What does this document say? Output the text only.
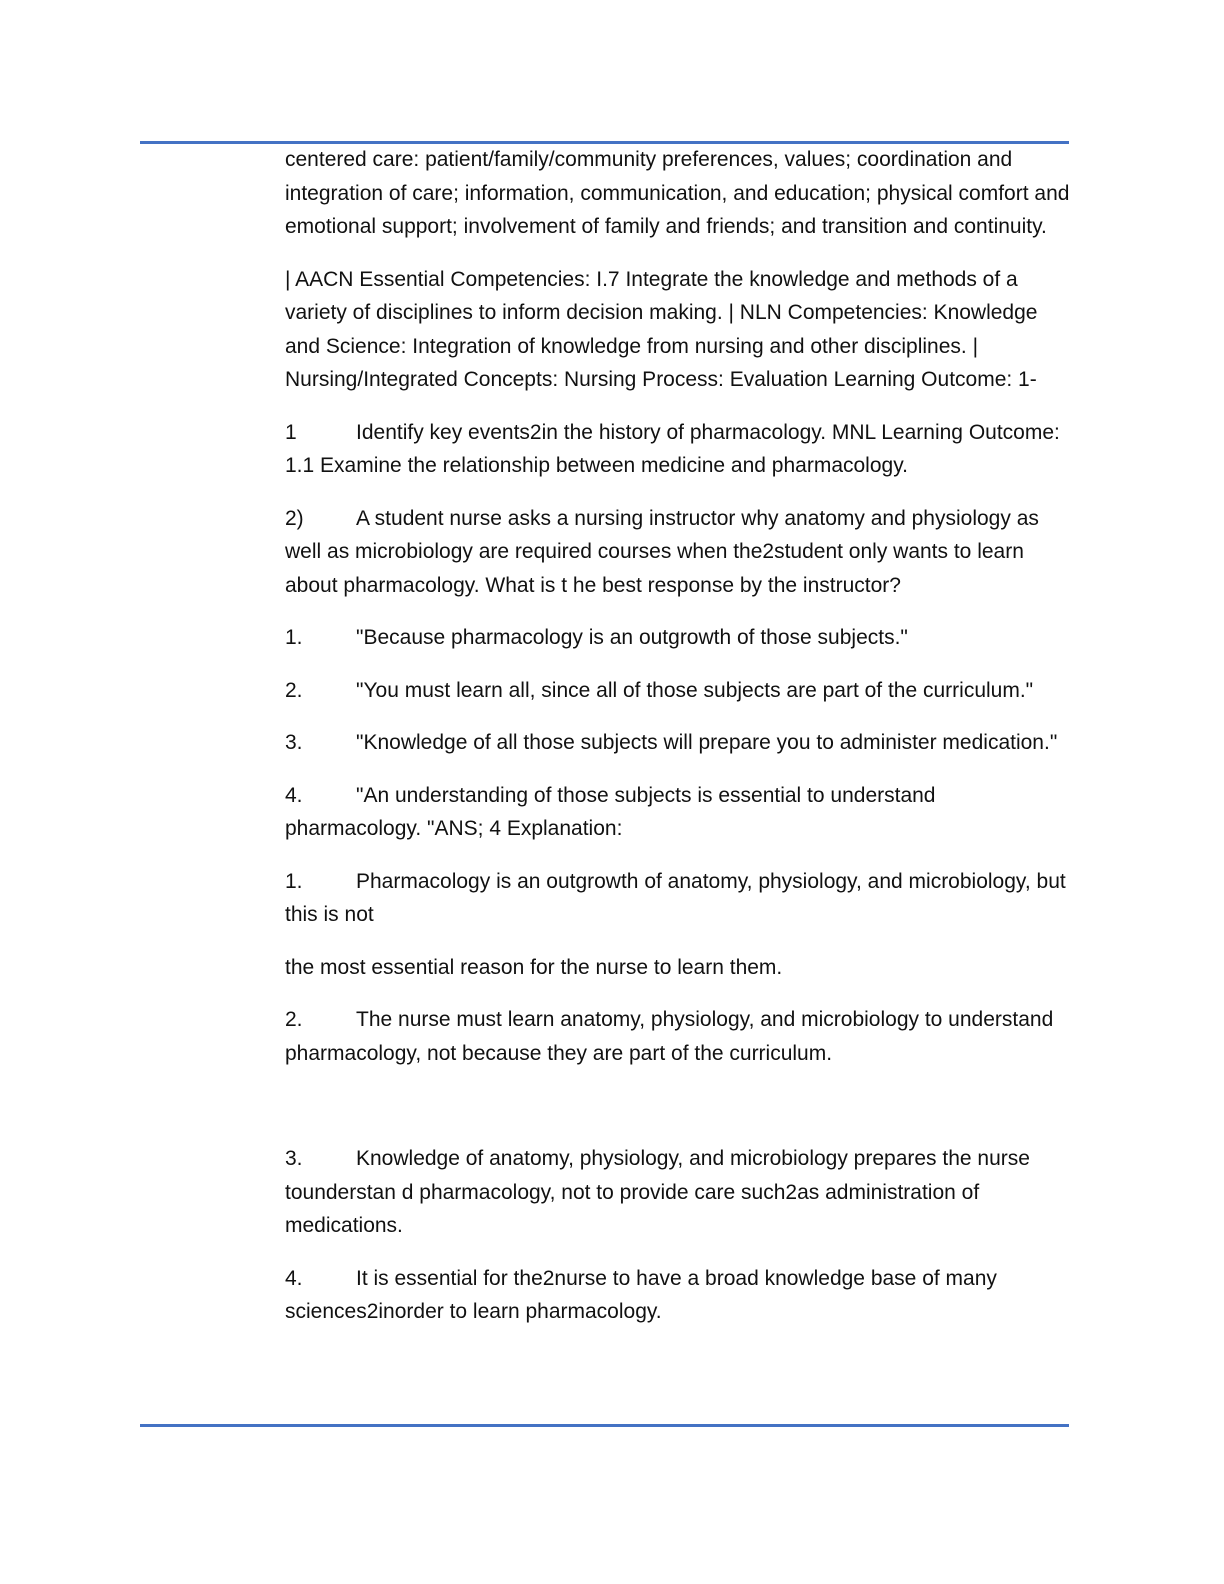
centered care: patient/family/community preferences, values; coordination and integration of care; information, communication, and education; physical comfort and emotional support; involvement of family and friends; and transition and continuity.

| AACN Essential Competencies: I.7 Integrate the knowledge and methods of a variety of disciplines to inform decision making. | NLN Competencies: Knowledge and Science: Integration of knowledge from nursing and other disciplines. | Nursing/Integrated Concepts: Nursing Process: Evaluation Learning Outcome: 1-

1	Identify key events2in the history of pharmacology. MNL Learning Outcome: 1.1 Examine the relationship between medicine and pharmacology.

2) A student nurse asks a nursing instructor why anatomy and physiology as well as microbiology are required courses when the2student only wants to learn about pharmacology. What is t he best response by the instructor?

1.	"Because pharmacology is an outgrowth of those subjects."

2.	"You must learn all, since all of those subjects are part of the curriculum."

3.	"Knowledge of all those subjects will prepare you to administer medication."

4.	"An understanding of those subjects is essential to understand pharmacology. "ANS; 4 Explanation:

1.	Pharmacology is an outgrowth of anatomy, physiology, and microbiology, but this is not

the most essential reason for the nurse to learn them.

2.	The nurse must learn anatomy, physiology, and microbiology to understand pharmacology, not because they are part of the curriculum.

3.	Knowledge of anatomy, physiology, and microbiology prepares the nurse tounderstan d pharmacology, not to provide care such2as administration of medications.

4.	It is essential for the2nurse to have a broad knowledge base of many sciences2inorder to learn pharmacology.
